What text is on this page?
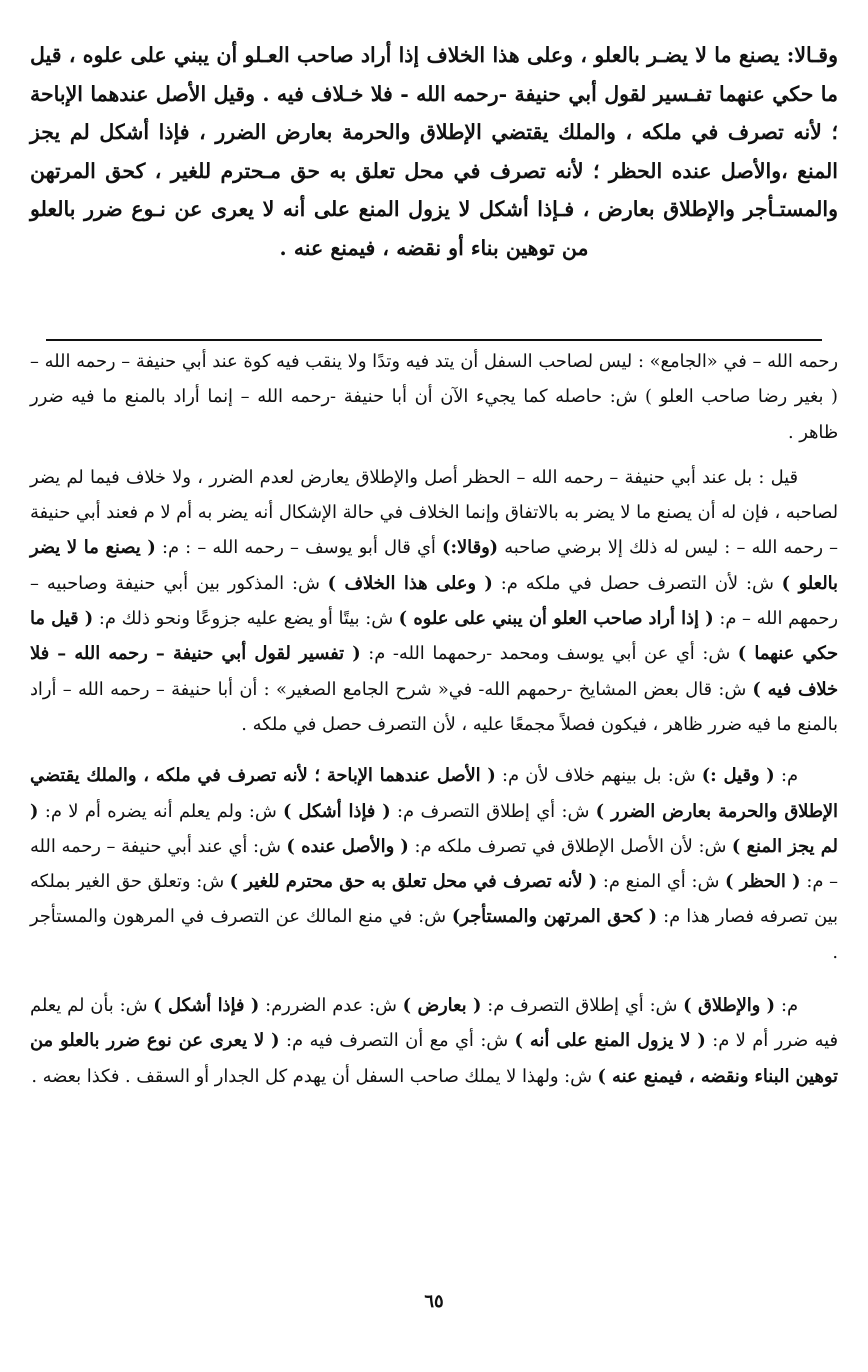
وقـالا: يصنع ما لا يضـر بالعلو ، وعلى هذا الخلاف إذا أراد صاحب العـلو أن يبني على علوه ، قيل ما حكي عنهما تفـسير لقول أبي حنيفة -رحمه الله - فلا خـلاف فيه . وقيل الأصل عندهما الإباحة ؛ لأنه تصرف في ملكه ، والملك يقتضي الإطلاق والحرمة بعارض الضرر ، فإذا أشكل لم يجز المنع ،والأصل عنده الحظر ؛ لأنه تصرف في محل تعلق به حق مـحترم للغير ، كحق المرتهن والمستـأجر والإطلاق بعارض ، فـإذا أشكل لا يزول المنع على أنه لا يعرى عن نـوع ضرر بالعلو من توهين بناء أو نقضه ، فيمنع عنه .

رحمه الله – في «الجامع» : ليس لصاحب السفل أن يتد فيه وتدًا ولا ينقب فيه كوة عند أبي حنيفة – رحمه الله – ( بغير رضا صاحب العلو ) ش: حاصله كما يجيء الآن أن أبا حنيفة -رحمه الله – إنما أراد بالمنع ما فيه ضرر ظاهر .

قيل : بل عند أبي حنيفة – رحمه الله – الحظر أصل والإطلاق يعارض لعدم الضرر ، ولا خلاف فيما لم يضر لصاحبه ، فإن له أن يصنع ما لا يضر به بالاتفاق وإنما الخلاف في حالة الإشكال أنه يضر به أم لا م فعند أبي حنيفة – رحمه الله – : ليس له ذلك إلا برضي صاحبه (وقالا:) أي قال أبو يوسف – رحمه الله – : م: ( يصنع ما لا يضر بالعلو ) ش: لأن التصرف حصل في ملكه م: ( وعلى هذا الخلاف ) ش: المذكور بين أبي حنيفة وصاحبيه – رحمهم الله – م: ( إذا أراد صاحب العلو أن يبني على علوه ) ش: بيتًا أو يضع عليه جزوعًا ونحو ذلك م: ( قيل ما حكي عنهما ) ش: أي عن أبي يوسف ومحمد -رحمهما الله- م: ( تفسير لقول أبي حنيفة – رحمه الله – فلا خلاف فيه ) ش: قال بعض المشايخ -رحمهم الله- في« شرح الجامع الصغير» : أن أبا حنيفة – رحمه الله – أراد بالمنع ما فيه ضرر ظاهر ، فيكون فصلاً مجمعًا عليه ، لأن التصرف حصل في ملكه .

م: ( وقيل :) ش: بل بينهم خلاف لأن م: ( الأصل عندهما الإباحة ؛ لأنه تصرف في ملكه ، والملك يقتضي الإطلاق والحرمة بعارض الضرر ) ش: أي إطلاق التصرف م: ( فإذا أشكل ) ش: ولم يعلم أنه يضره أم لا م: ( لم يجز المنع ) ش: لأن الأصل الإطلاق في تصرف ملكه م: ( والأصل عنده ) ش: أي عند أبي حنيفة – رحمه الله – م: ( الحظر ) ش: أي المنع م: ( لأنه تصرف في محل تعلق به حق محترم للغير ) ش: وتعلق حق الغير بملكه بين تصرفه فصار هذا م: ( كحق المرتهن والمستأجر) ش: في منع المالك عن التصرف في المرهون والمستأجر .

م: ( والإطلاق ) ش: أي إطلاق التصرف م: ( بعارض ) ش: عدم الضررم: ( فإذا أشكل ) ش: بأن لم يعلم فيه ضرر أم لا م: ( لا يزول المنع على أنه ) ش: أي مع أن التصرف فيه م: ( لا يعرى عن نوع ضرر بالعلو من توهين البناء ونقضه ، فيمنع عنه ) ش: ولهذا لا يملك صاحب السفل أن يهدم كل الجدار أو السقف . فكذا بعضه .

٦٥
